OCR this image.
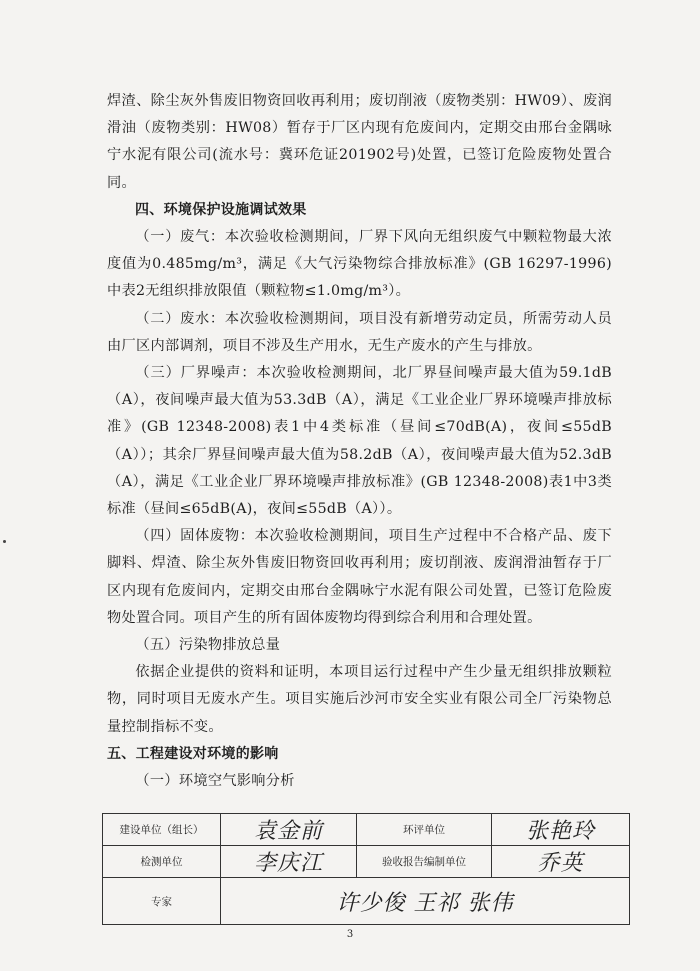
焊渣、除尘灰外售废旧物资回收再利用；废切削液（废物类别：HW09）、废润滑油（废物类别：HW08）暂存于厂区内现有危废间内，定期交由邢台金隅咏宁水泥有限公司(流水号：冀环危证201902号)处置，已签订危险废物处置合同。

四、环境保护设施调试效果

（一）废气：本次验收检测期间，厂界下风向无组织废气中颗粒物最大浓度值为0.485mg/m³，满足《大气污染物综合排放标准》(GB 16297-1996) 中表2无组织排放限值（颗粒物≤1.0mg/m³）。

（二）废水：本次验收检测期间，项目没有新增劳动定员，所需劳动人员由厂区内部调剂，项目不涉及生产用水，无生产废水的产生与排放。

（三）厂界噪声：本次验收检测期间，北厂界昼间噪声最大值为59.1dB（A），夜间噪声最大值为53.3dB（A），满足《工业企业厂界环境噪声排放标准》(GB 12348-2008)表1中4类标准（昼间≤70dB(A)，夜间≤55dB（A））；其余厂界昼间噪声最大值为58.2dB（A），夜间噪声最大值为52.3dB（A），满足《工业企业厂界环境噪声排放标准》(GB 12348-2008)表1中3类标准（昼间≤65dB(A)，夜间≤55dB（A））。

（四）固体废物：本次验收检测期间，项目生产过程中不合格产品、废下脚料、焊渣、除尘灰外售废旧物资回收再利用；废切削液、废润滑油暂存于厂区内现有危废间内，定期交由邢台金隅咏宁水泥有限公司处置，已签订危险废物处置合同。项目产生的所有固体废物均得到综合利用和合理处置。

（五）污染物排放总量

依据企业提供的资料和证明，本项目运行过程中产生少量无组织排放颗粒物，同时项目无废水产生。项目实施后沙河市安全实业有限公司全厂污染物总量控制指标不变。

五、工程建设对环境的影响

（一）环境空气影响分析

建设单位（组长）	袁金前	环评单位	张艳玲
检测单位	李庆江	验收报告编制单位	乔英
专家	许少俊 王祁 张伟		
3
